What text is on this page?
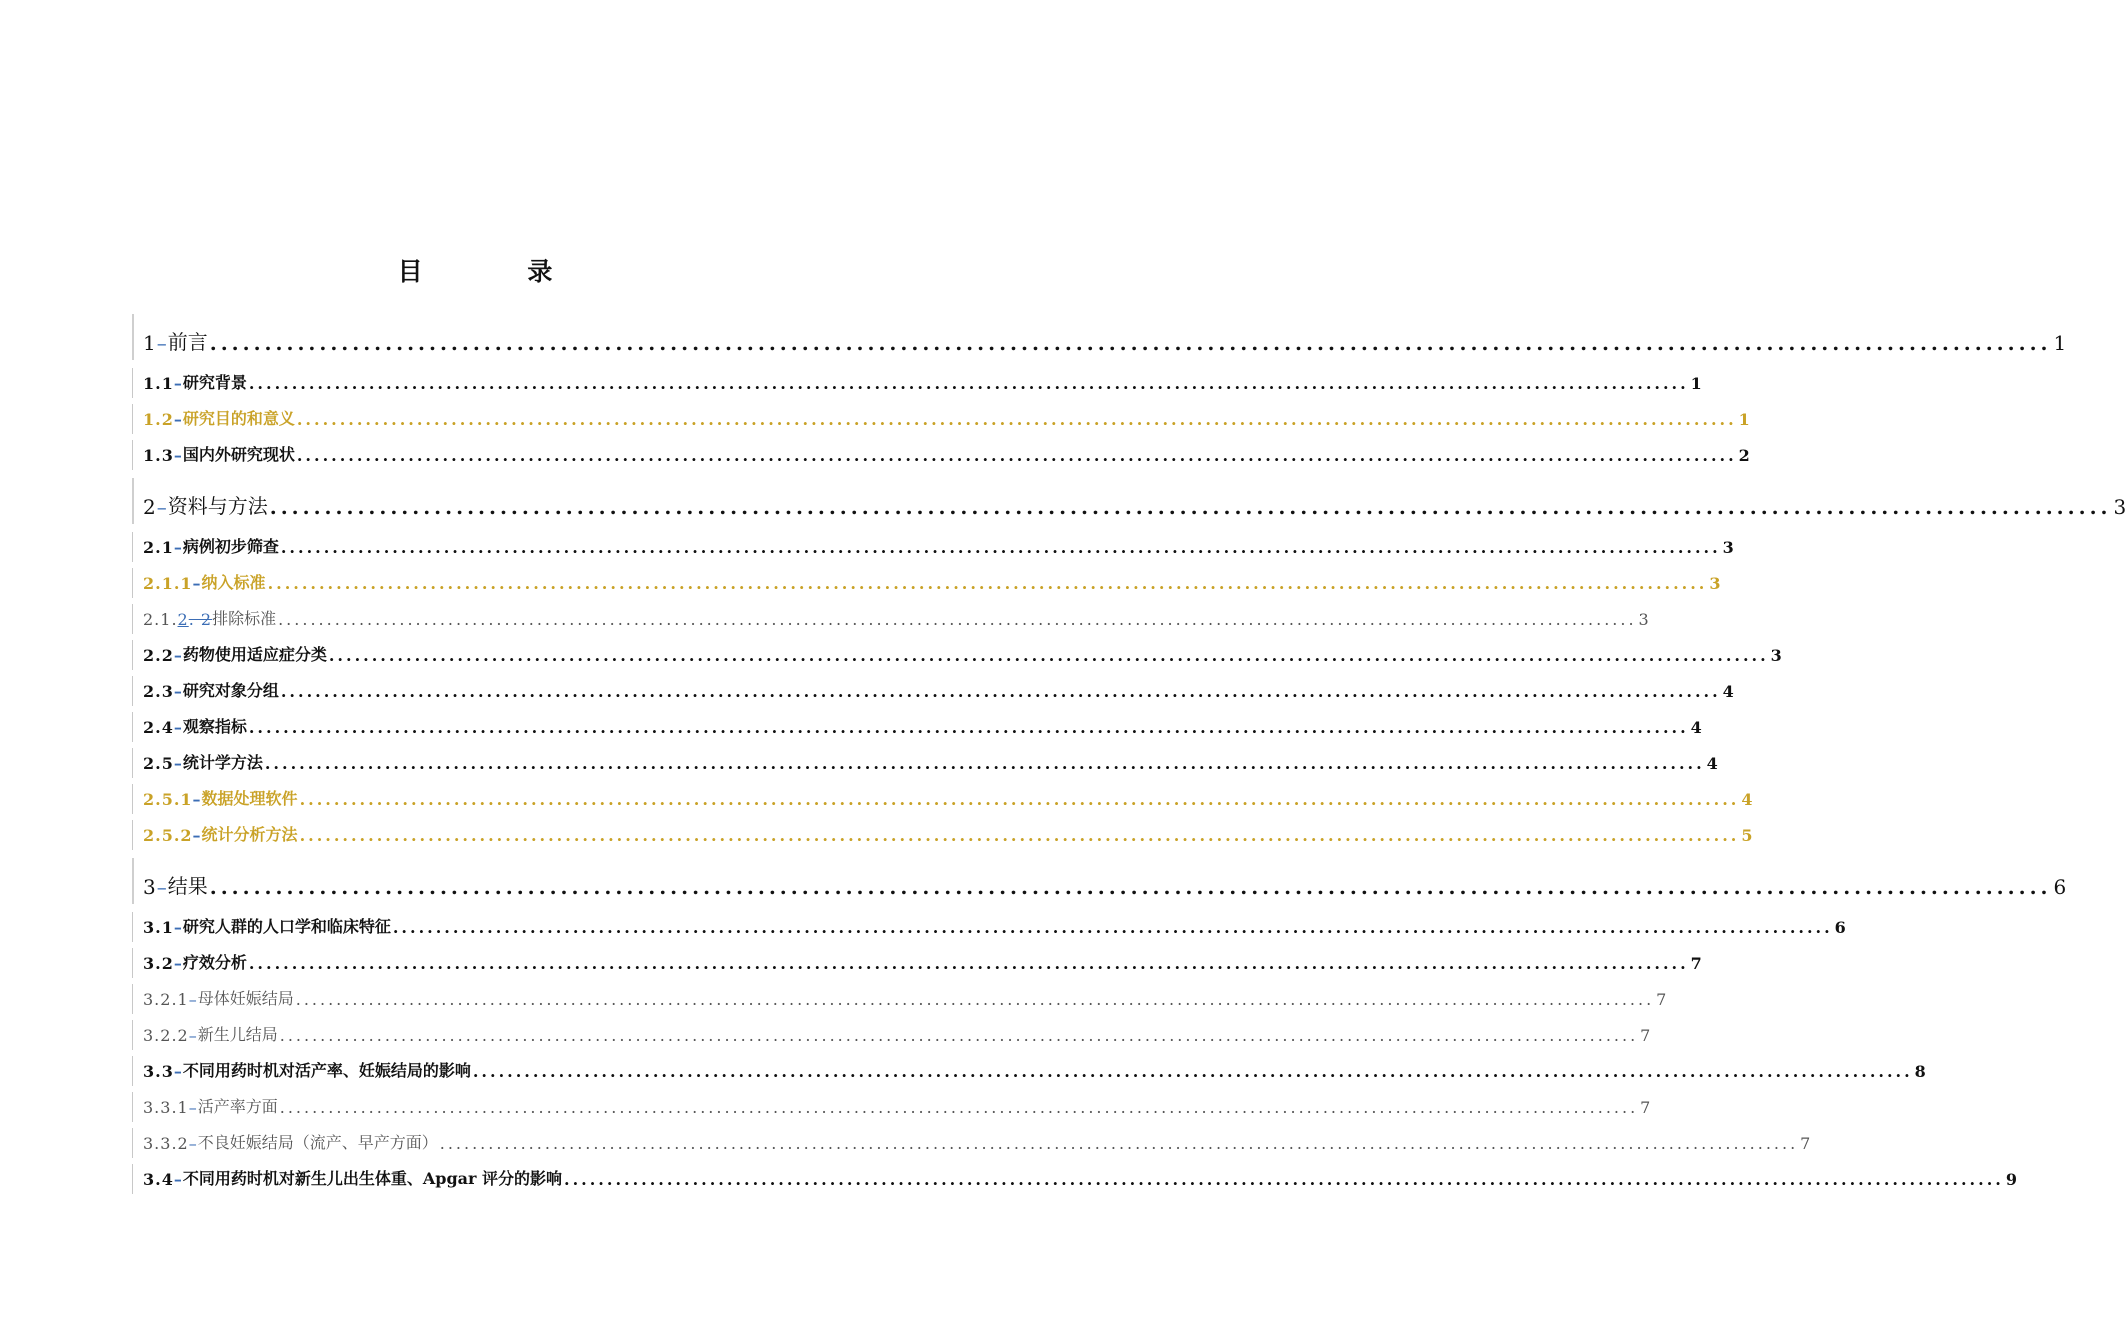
目 录
1– 前言 ........................................................................................................................................................................ 1
1.1– 研究背景 ........................................................................................................................................................................ 1
1.2– 研究目的和意义 ........................................................................................................................................................................ 1
1.3– 国内外研究现状 ........................................................................................................................................................................ 2
2– 资料与方法 ........................................................................................................................................................................ 3
2.1– 病例初步筛查 ........................................................................................................................................................................ 3
2.1.1– 纳入标准 ........................................................................................................................................................................ 3
2.1.2. 2 排除标准 ........................................................................................................................................................................ 3
2.2– 药物使用适应症分类 ........................................................................................................................................................................ 3
2.3– 研究对象分组 ........................................................................................................................................................................ 4
2.4– 观察指标 ........................................................................................................................................................................ 4
2.5– 统计学方法 ........................................................................................................................................................................ 4
2.5.1– 数据处理软件 ........................................................................................................................................................................ 4
2.5.2– 统计分析方法 ........................................................................................................................................................................ 5
3– 结果 ........................................................................................................................................................................ 6
3.1– 研究人群的人口学和临床特征 ........................................................................................................................................................................ 6
3.2– 疗效分析 ........................................................................................................................................................................ 7
3.2.1– 母体妊娠结局 ........................................................................................................................................................................ 7
3.2.2– 新生儿结局 ........................................................................................................................................................................ 7
3.3– 不同用药时机对活产率、妊娠结局的影响 ........................................................................................................................................................................ 8
3.3.1– 活产率方面 ........................................................................................................................................................................ 7
3.3.2– 不良妊娠结局（流产、早产方面） ........................................................................................................................................................................ 7
3.4– 不同用药时机对新生儿出生体重、Apgar 评分的影响 ........................................................................................................................................................................ 9
